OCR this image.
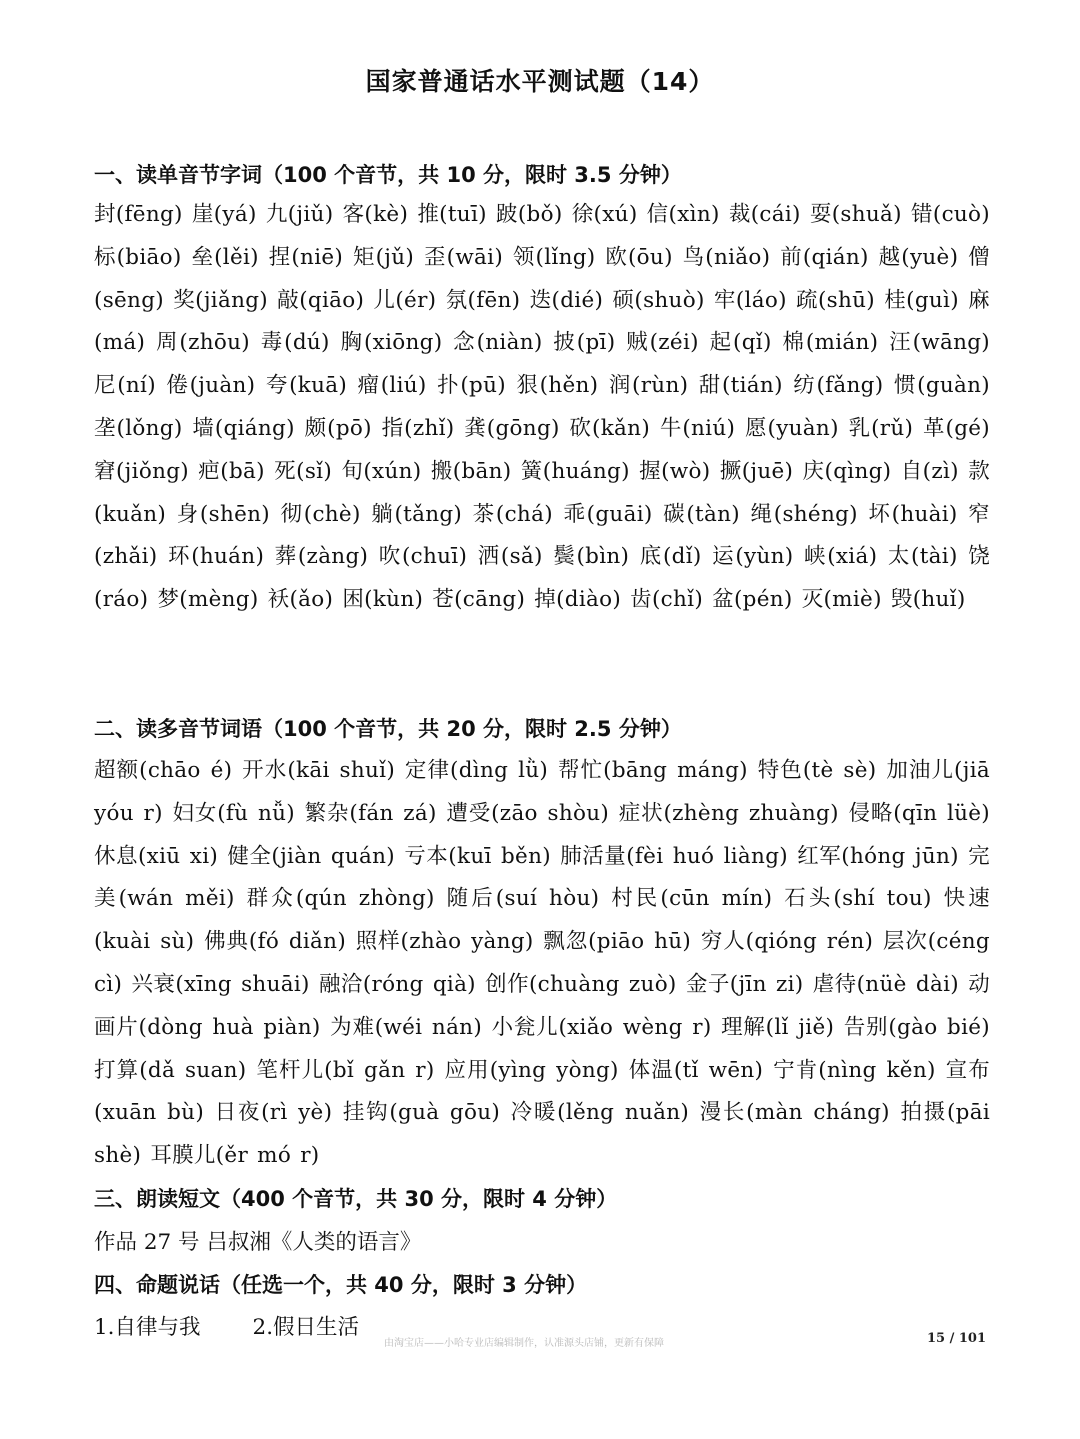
国家普通话水平测试题（14）
一、读单音节字词（100 个音节，共 10 分，限时 3.5 分钟）
封(fēng) 崖(yá) 九(jiǔ) 客(kè) 推(tuī) 跛(bǒ) 徐(xú) 信(xìn) 裁(cái) 耍(shuǎ) 错(cuò) 标(biāo) 垒(lěi) 捏(niē) 矩(jǔ) 歪(wāi) 领(lǐng) 欧(ōu) 鸟(niǎo) 前(qián) 越(yuè) 僧(sēng) 奖(jiǎng) 敲(qiāo) 儿(ér) 氛(fēn) 迭(dié) 硕(shuò) 牢(láo) 疏(shū) 桂(guì) 麻(má) 周(zhōu) 毒(dú) 胸(xiōng) 念(niàn) 披(pī) 贼(zéi) 起(qǐ) 棉(mián) 汪(wāng) 尼(ní) 倦(juàn) 夸(kuā) 瘤(liú) 扑(pū) 狠(hěn) 润(rùn) 甜(tián) 纺(fǎng) 惯(guàn) 垄(lǒng) 墙(qiáng) 颇(pō) 指(zhǐ) 龚(gōng) 砍(kǎn) 牛(niú) 愿(yuàn) 乳(rǔ) 革(gé) 窘(jiǒng) 疤(bā) 死(sǐ) 旬(xún) 搬(bān) 簧(huáng) 握(wò) 撅(juē) 庆(qìng) 自(zì) 款(kuǎn) 身(shēn) 彻(chè) 躺(tǎng) 茶(chá) 乖(guāi) 碳(tàn) 绳(shéng) 坏(huài) 窄(zhǎi) 环(huán) 葬(zàng) 吹(chuī) 洒(sǎ) 鬓(bìn) 底(dǐ) 运(yùn) 峡(xiá) 太(tài) 饶(ráo) 梦(mèng) 袄(ǎo) 困(kùn) 苍(cāng) 掉(diào) 齿(chǐ) 盆(pén) 灭(miè) 毁(huǐ)
二、读多音节词语（100 个音节，共 20 分，限时 2.5 分钟）
超额(chāo é) 开水(kāi shuǐ) 定律(dìng lǜ) 帮忙(bāng máng) 特色(tè sè) 加油儿(jiā yóu r) 妇女(fù nǚ) 繁杂(fán zá) 遭受(zāo shòu) 症状(zhèng zhuàng) 侵略(qīn lüè) 休息(xiū xi) 健全(jiàn quán) 亏本(kuī běn) 肺活量(fèi huó liàng) 红军(hóng jūn) 完美(wán měi) 群众(qún zhòng) 随后(suí hòu) 村民(cūn mín) 石头(shí tou) 快速(kuài sù) 佛典(fó diǎn) 照样(zhào yàng) 飘忽(piāo hū) 穷人(qióng rén) 层次(céng cì) 兴衰(xīng shuāi) 融洽(róng qià) 创作(chuàng zuò) 金子(jīn zi) 虐待(nüè dài) 动画片(dòng huà piàn) 为难(wéi nán) 小瓮儿(xiǎo wèng r) 理解(lǐ jiě) 告别(gào bié) 打算(dǎ suan) 笔杆儿(bǐ gǎn r) 应用(yìng yòng) 体温(tǐ wēn) 宁肯(nìng kěn) 宣布(xuān bù) 日夜(rì yè) 挂钩(guà gōu) 冷暖(lěng nuǎn) 漫长(màn cháng) 拍摄(pāi shè) 耳膜儿(ěr mó r)
三、朗读短文（400 个音节，共 30 分，限时 4 分钟）
作品 27 号 吕叔湘《人类的语言》
四、命题说话（任选一个，共 40 分，限时 3 分钟）
1.自律与我 2.假日生活
由淘宝店——小哈专业店编辑制作，认准源头店铺，更新有保障	15 / 101
